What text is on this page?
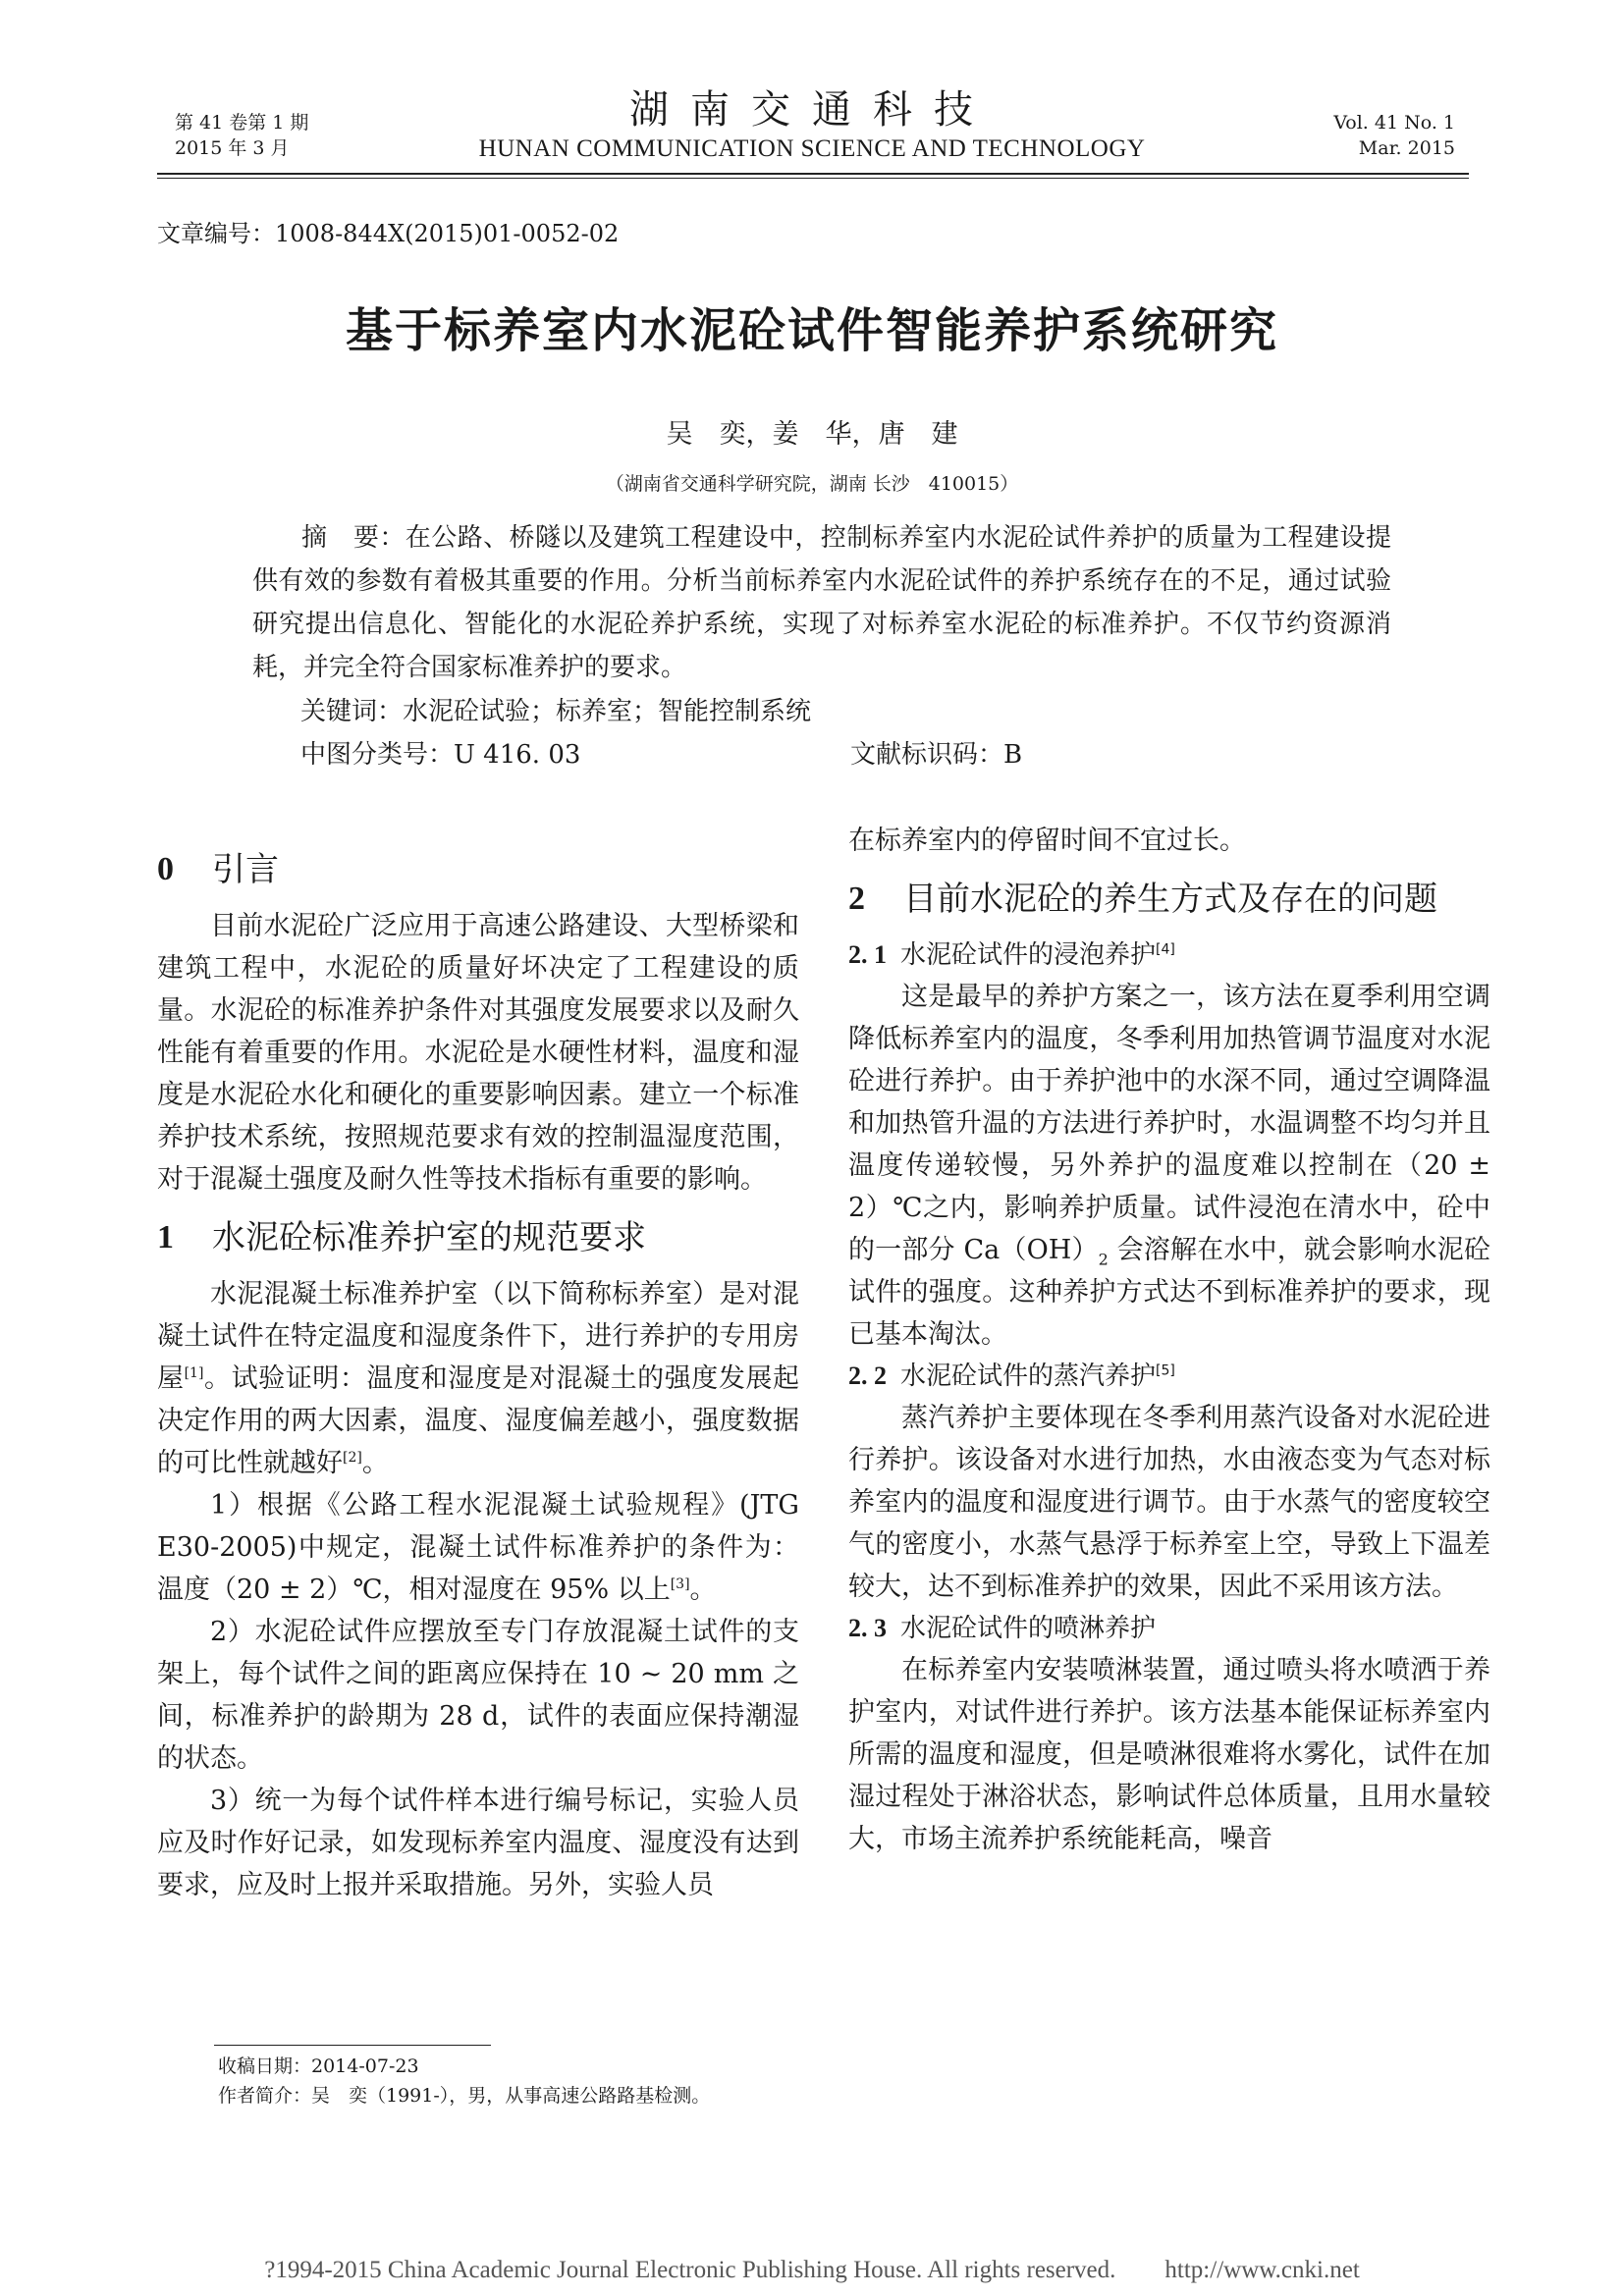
第 41 卷第 1 期
2015 年 3 月
湖南交通科技
HUNAN COMMUNICATION SCIENCE AND TECHNOLOGY
Vol. 41 No. 1
Mar. 2015
文章编号：1008-844X(2015)01-0052-02
基于标养室内水泥砼试件智能养护系统研究
吴　奕，姜　华，唐　建
（湖南省交通科学研究院，湖南 长沙　410015）
摘　要：在公路、桥隧以及建筑工程建设中，控制标养室内水泥砼试件养护的质量为工程建设提供有效的参数有着极其重要的作用。分析当前标养室内水泥砼试件的养护系统存在的不足，通过试验研究提出信息化、智能化的水泥砼养护系统，实现了对标养室水泥砼的标准养护。不仅节约资源消耗，并完全符合国家标准养护的要求。
关键词：水泥砼试验；标养室；智能控制系统
中图分类号：U 416. 03	文献标识码：B

0	引言

目前水泥砼广泛应用于高速公路建设、大型桥梁和建筑工程中，水泥砼的质量好坏决定了工程建设的质量。水泥砼的标准养护条件对其强度发展要求以及耐久性能有着重要的作用。水泥砼是水硬性材料，温度和湿度是水泥砼水化和硬化的重要影响因素。建立一个标准养护技术系统，按照规范要求有效的控制温湿度范围，对于混凝土强度及耐久性等技术指标有重要的影响。

1	水泥砼标准养护室的规范要求

水泥混凝土标准养护室（以下简称标养室）是对混凝土试件在特定温度和湿度条件下，进行养护的专用房屋[1]。试验证明：温度和湿度是对混凝土的强度发展起决定作用的两大因素，温度、湿度偏差越小，强度数据的可比性就越好[2]。

1）根据《公路工程水泥混凝土试验规程》(JTG E30-2005)中规定，混凝土试件标准养护的条件为：温度（20 ± 2）℃，相对湿度在 95% 以上[3]。

2）水泥砼试件应摆放至专门存放混凝土试件的支架上，每个试件之间的距离应保持在 10 ~ 20 mm 之间，标准养护的龄期为 28 d，试件的表面应保持潮湿的状态。

3）统一为每个试件样本进行编号标记，实验人员应及时作好记录，如发现标养室内温度、湿度没有达到要求，应及时上报并采取措施。另外，实验人员

在标养室内的停留时间不宜过长。

2	目前水泥砼的养生方式及存在的问题

2. 1 水泥砼试件的浸泡养护[4]

这是最早的养护方案之一，该方法在夏季利用空调降低标养室内的温度，冬季利用加热管调节温度对水泥砼进行养护。由于养护池中的水深不同，通过空调降温和加热管升温的方法进行养护时，水温调整不均匀并且温度传递较慢，另外养护的温度难以控制在（20 ± 2）℃之内，影响养护质量。试件浸泡在清水中，砼中的一部分 $Ca(OH)_2$ 会溶解在水中，就会影响水泥砼试件的强度。这种养护方式达不到标准养护的要求，现已基本淘汰。

2. 2 水泥砼试件的蒸汽养护[5]

蒸汽养护主要体现在冬季利用蒸汽设备对水泥砼进行养护。该设备对水进行加热，水由液态变为气态对标养室内的温度和湿度进行调节。由于水蒸气的密度较空气的密度小，水蒸气悬浮于标养室上空，导致上下温差较大，达不到标准养护的效果，因此不采用该方法。

2. 3 水泥砼试件的喷淋养护

在标养室内安装喷淋装置，通过喷头将水喷洒于养护室内，对试件进行养护。该方法基本能保证标养室内所需的温度和湿度，但是喷淋很难将水雾化，试件在加湿过程处于淋浴状态，影响试件总体质量，且用水量较大，市场主流养护系统能耗高，噪音

收稿日期：2014-07-23
作者简介：吴　奕（1991-），男，从事高速公路路基检测。
?1994-2015 China Academic Journal Electronic Publishing House. All rights reserved.　　http://www.cnki.net
